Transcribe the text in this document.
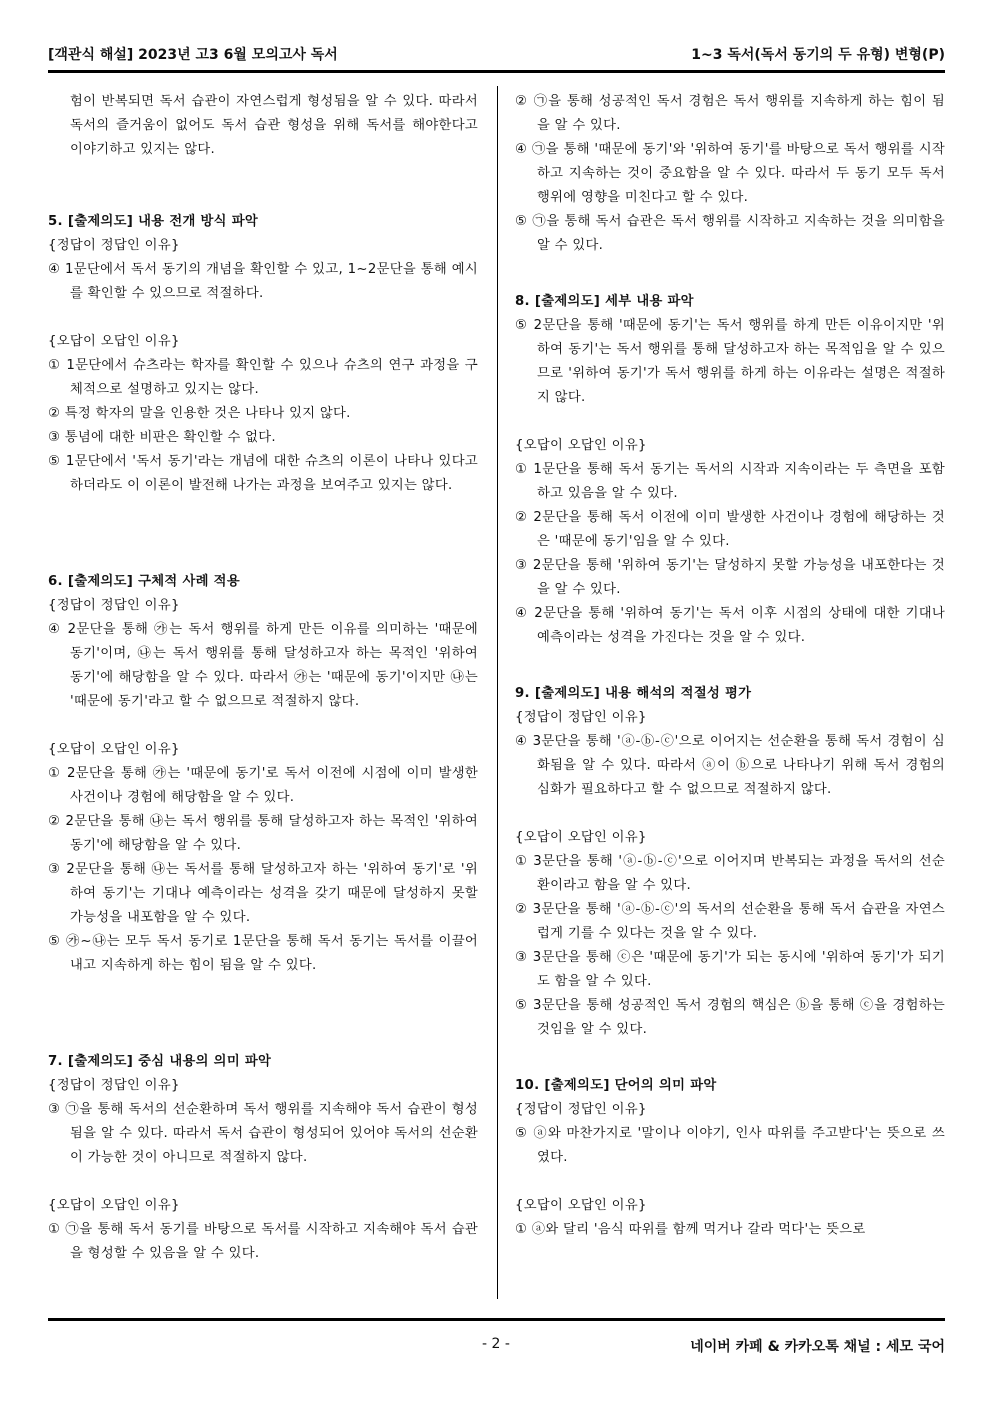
[객관식 해설] 2023년 고3 6월 모의고사 독서	1~3 독서(독서 동기의 두 유형) 변형(P)

험이 반복되면 독서 습관이 자연스럽게 형성됨을 알 수 있다. 따라서 독서의 즐거움이 없어도 독서 습관 형성을 위해 독서를 해야한다고 이야기하고 있지는 않다.

5. [출제의도] 내용 전개 방식 파악

{정답이 정답인 이유}

④ 1문단에서 독서 동기의 개념을 확인할 수 있고, 1~2문단을 통해 예시를 확인할 수 있으므로 적절하다.

{오답이 오답인 이유}

① 1문단에서 슈츠라는 학자를 확인할 수 있으나 슈츠의 연구 과정을 구체적으로 설명하고 있지는 않다.

② 특정 학자의 말을 인용한 것은 나타나 있지 않다.

③ 통념에 대한 비판은 확인할 수 없다.

⑤ 1문단에서 '독서 동기'라는 개념에 대한 슈츠의 이론이 나타나 있다고 하더라도 이 이론이 발전해 나가는 과정을 보여주고 있지는 않다.

6. [출제의도] 구체적 사례 적용

{정답이 정답인 이유}

④ 2문단을 통해 ㉮는 독서 행위를 하게 만든 이유를 의미하는 '때문에 동기'이며, ㉯는 독서 행위를 통해 달성하고자 하는 목적인 '위하여 동기'에 해당함을 알 수 있다. 따라서 ㉮는 '때문에 동기'이지만 ㉯는 '때문에 동기'라고 할 수 없으므로 적절하지 않다.

{오답이 오답인 이유}

① 2문단을 통해 ㉮는 '때문에 동기'로 독서 이전에 시점에 이미 발생한 사건이나 경험에 해당함을 알 수 있다.

② 2문단을 통해 ㉯는 독서 행위를 통해 달성하고자 하는 목적인 '위하여 동기'에 해당함을 알 수 있다.

③ 2문단을 통해 ㉯는 독서를 통해 달성하고자 하는 '위하여 동기'로 '위하여 동기'는 기대나 예측이라는 성격을 갖기 때문에 달성하지 못할 가능성을 내포함을 알 수 있다.

⑤ ㉮~㉯는 모두 독서 동기로 1문단을 통해 독서 동기는 독서를 이끌어 내고 지속하게 하는 힘이 됨을 알 수 있다.

7. [출제의도] 중심 내용의 의미 파악

{정답이 정답인 이유}

③ ㉠을 통해 독서의 선순환하며 독서 행위를 지속해야 독서 습관이 형성됨을 알 수 있다. 따라서 독서 습관이 형성되어 있어야 독서의 선순환이 가능한 것이 아니므로 적절하지 않다.

{오답이 오답인 이유}

① ㉠을 통해 독서 동기를 바탕으로 독서를 시작하고 지속해야 독서 습관을 형성할 수 있음을 알 수 있다.

② ㉠을 통해 성공적인 독서 경험은 독서 행위를 지속하게 하는 힘이 됨을 알 수 있다.

④ ㉠을 통해 '때문에 동기'와 '위하여 동기'를 바탕으로 독서 행위를 시작하고 지속하는 것이 중요함을 알 수 있다. 따라서 두 동기 모두 독서 행위에 영향을 미친다고 할 수 있다.

⑤ ㉠을 통해 독서 습관은 독서 행위를 시작하고 지속하는 것을 의미함을 알 수 있다.

8. [출제의도] 세부 내용 파악

⑤ 2문단을 통해 '때문에 동기'는 독서 행위를 하게 만든 이유이지만 '위하여 동기'는 독서 행위를 통해 달성하고자 하는 목적임을 알 수 있으므로 '위하여 동기'가 독서 행위를 하게 하는 이유라는 설명은 적절하지 않다.

{오답이 오답인 이유}

① 1문단을 통해 독서 동기는 독서의 시작과 지속이라는 두 측면을 포함하고 있음을 알 수 있다.

② 2문단을 통해 독서 이전에 이미 발생한 사건이나 경험에 해당하는 것은 '때문에 동기'임을 알 수 있다.

③ 2문단을 통해 '위하여 동기'는 달성하지 못할 가능성을 내포한다는 것을 알 수 있다.

④ 2문단을 통해 '위하여 동기'는 독서 이후 시점의 상태에 대한 기대나 예측이라는 성격을 가진다는 것을 알 수 있다.

9. [출제의도] 내용 해석의 적절성 평가

{정답이 정답인 이유}

④ 3문단을 통해 'ⓐ-ⓑ-ⓒ'으로 이어지는 선순환을 통해 독서 경험이 심화됨을 알 수 있다. 따라서 ⓐ이 ⓑ으로 나타나기 위해 독서 경험의 심화가 필요하다고 할 수 없으므로 적절하지 않다.

{오답이 오답인 이유}

① 3문단을 통해 'ⓐ-ⓑ-ⓒ'으로 이어지며 반복되는 과정을 독서의 선순환이라고 함을 알 수 있다.

② 3문단을 통해 'ⓐ-ⓑ-ⓒ'의 독서의 선순환을 통해 독서 습관을 자연스럽게 기를 수 있다는 것을 알 수 있다.

③ 3문단을 통해 ⓒ은 '때문에 동기'가 되는 동시에 '위하여 동기'가 되기도 함을 알 수 있다.

⑤ 3문단을 통해 성공적인 독서 경험의 핵심은 ⓑ을 통해 ⓒ을 경험하는 것임을 알 수 있다.

10. [출제의도] 단어의 의미 파악

{정답이 정답인 이유}

⑤ ⓐ와 마찬가지로 '말이나 이야기, 인사 따위를 주고받다'는 뜻으로 쓰였다.

{오답이 오답인 이유}

① ⓐ와 달리 '음식 따위를 함께 먹거나 갈라 먹다'는 뜻으로

- 2 -	네이버 카페 & 카카오톡 채널 : 세모 국어
